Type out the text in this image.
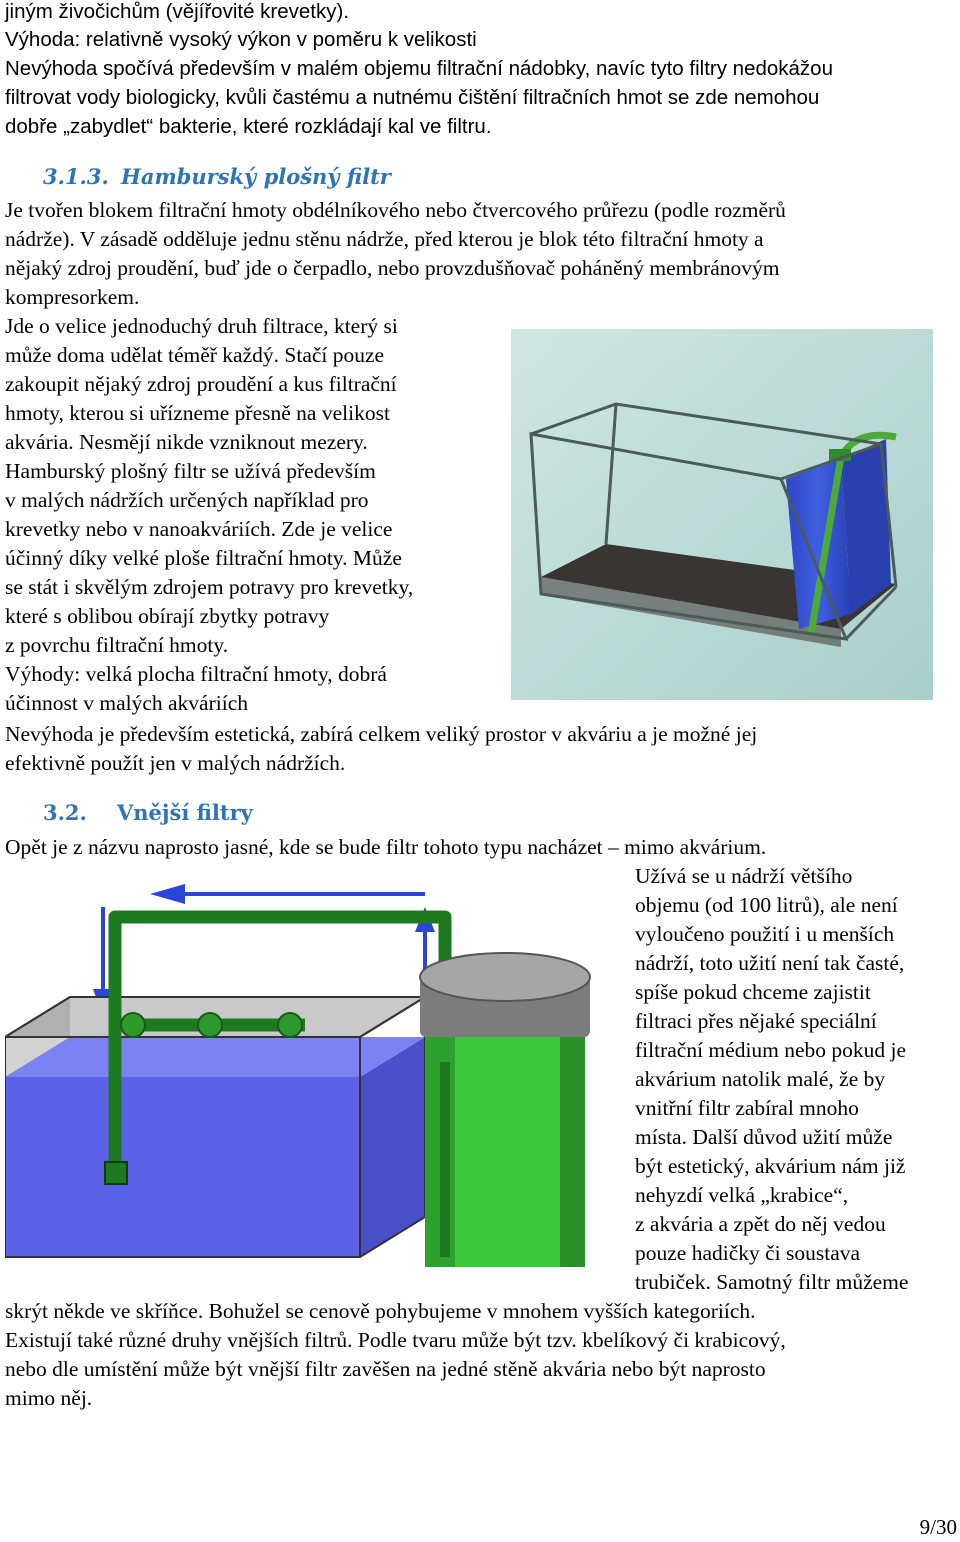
jiným živočichům (vějířovité krevetky).
Výhoda: relativně vysoký výkon v poměru k velikosti
Nevýhoda spočívá především v malém objemu filtrační nádobky, navíc tyto filtry nedokážou
filtrovat vody biologicky, kvůli častému a nutnému čištění filtračních hmot se zde nemohou
dobře „zabydlet“ bakterie, které rozkládají kal ve filtru.
3.1.3. Hamburský plošný filtr
Je tvořen blokem filtrační hmoty obdélníkového nebo čtvercového průřezu (podle rozměrů
nádrže). V zásadě odděluje jednu stěnu nádrže, před kterou je blok této filtrační hmoty a
nějaký zdroj proudění, buď jde o čerpadlo, nebo provzdušňovač poháněný membránovým
kompresorkem.
Jde o velice jednoduchý druh filtrace, který si
může doma udělat téměř každý. Stačí pouze
zakoupit nějaký zdroj proudění a kus filtrační
hmoty, kterou si uřízneme přesně na velikost
akvária. Nesmějí nikde vzniknout mezery.
Hamburský plošný filtr se užívá především
v malých nádržích určených například pro
krevetky nebo v nanoakváriích. Zde je velice
účinný díky velké ploše filtrační hmoty. Může
se stát i skvělým zdrojem potravy pro krevetky,
které s oblibou obírají zbytky potravy
z povrchu filtrační hmoty.
Výhody: velká plocha filtrační hmoty, dobrá
účinnost v malých akváriích
Nevýhoda je především estetická, zabírá celkem veliký prostor v akváriu a je možné jej
efektivně použít jen v malých nádržích.
3.2. Vnější filtry
Opět je z názvu naprosto jasné, kde se bude filtr tohoto typu nacházet – mimo akvárium.
Užívá se u nádrží většího
objemu (od 100 litrů), ale není
vyloučeno použití i u menších
nádrží, toto užití není tak časté,
spíše pokud chceme zajistit
filtraci přes nějaké speciální
filtrační médium nebo pokud je
akvárium natolik malé, že by
vnitřní filtr zabíral mnoho
místa. Další důvod užití může
být estetický, akvárium nám již
nehyzdí velká „krabice“,
z akvária a zpět do něj vedou
pouze hadičky či soustava
trubiček. Samotný filtr můžeme
skrýt někde ve skříňce. Bohužel se cenově pohybujeme v mnohem vyšších kategoriích.
Existují také různé druhy vnějších filtrů. Podle tvaru může být tzv. kbelíkový či krabicový,
nebo dle umístění může být vnější filtr zavěšen na jedné stěně akvária nebo být naprosto
mimo něj.
9/30
